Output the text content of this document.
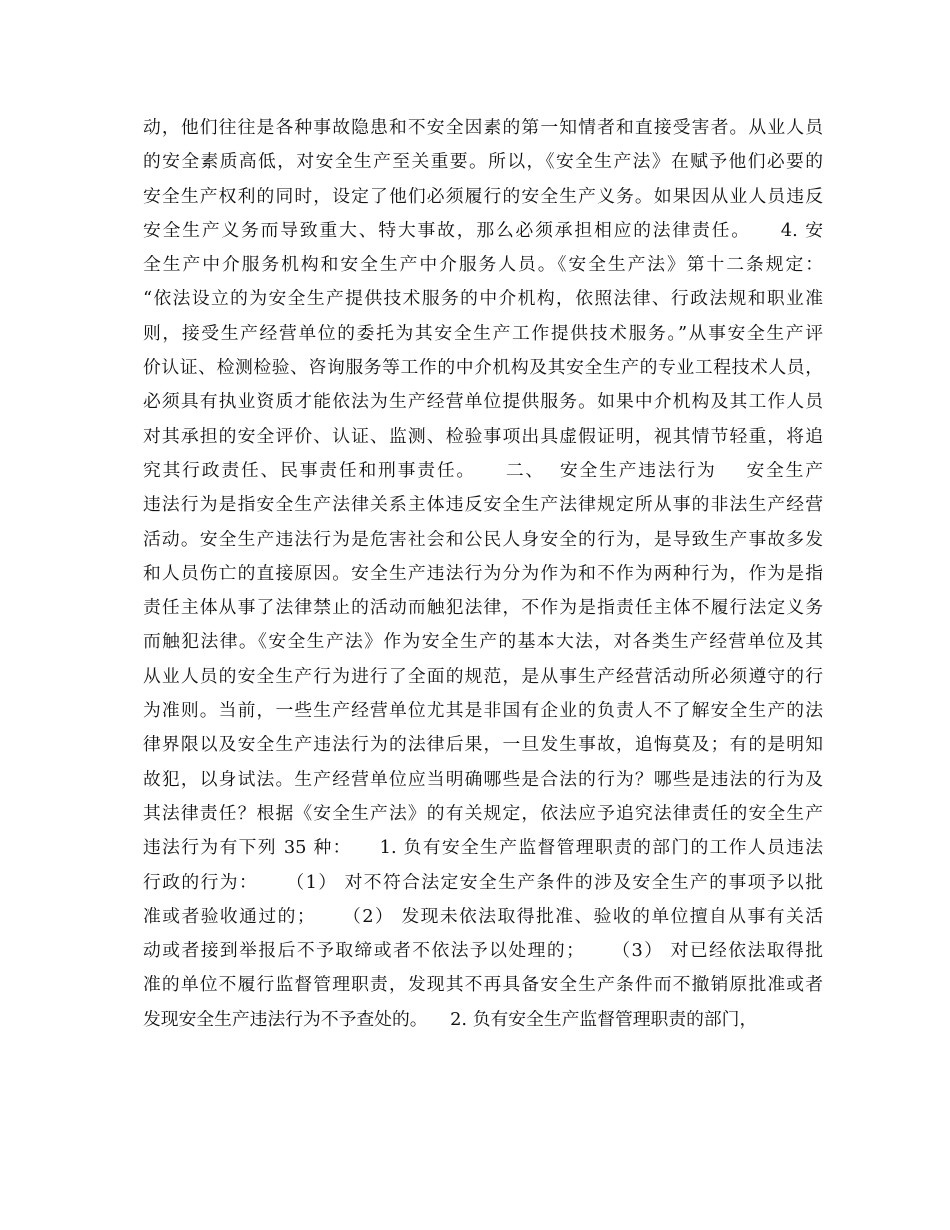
动，他们往往是各种事故隐患和不安全因素的第一知情者和直接受害者。从业人员
的安全素质高低，对安全生产至关重要。所以，《安全生产法》在赋予他们必要的
安全生产权利的同时，设定了他们必须履行的安全生产义务。如果因从业人员违反
安全生产义务而导致重大、特大事故，那么必须承担相应的法律责任。    4. 安
全生产中介服务机构和安全生产中介服务人员。《安全生产法》第十二条规定：
“依法设立的为安全生产提供技术服务的中介机构，依照法律、行政法规和职业准
则，接受生产经营单位的委托为其安全生产工作提供技术服务。”从事安全生产评
价认证、检测检验、咨询服务等工作的中介机构及其安全生产的专业工程技术人员，
必须具有执业资质才能依法为生产经营单位提供服务。如果中介机构及其工作人员
对其承担的安全评价、认证、监测、检验事项出具虚假证明，视其情节轻重，将追
究其行政责任、民事责任和刑事责任。    二、  安全生产违法行为    安全生产
违法行为是指安全生产法律关系主体违反安全生产法律规定所从事的非法生产经营
活动。安全生产违法行为是危害社会和公民人身安全的行为，是导致生产事故多发
和人员伤亡的直接原因。安全生产违法行为分为作为和不作为两种行为，作为是指
责任主体从事了法律禁止的活动而触犯法律，不作为是指责任主体不履行法定义务
而触犯法律。《安全生产法》作为安全生产的基本大法，对各类生产经营单位及其
从业人员的安全生产行为进行了全面的规范，是从事生产经营活动所必须遵守的行
为准则。当前，一些生产经营单位尤其是非国有企业的负责人不了解安全生产的法
律界限以及安全生产违法行为的法律后果，一旦发生事故，追悔莫及；有的是明知
故犯，以身试法。生产经营单位应当明确哪些是合法的行为？哪些是违法的行为及
其法律责任？根据《安全生产法》的有关规定，依法应予追究法律责任的安全生产
违法行为有下列 35 种：    1. 负有安全生产监督管理职责的部门的工作人员违法
行政的行为：    （1） 对不符合法定安全生产条件的涉及安全生产的事项予以批
准或者验收通过的；    （2） 发现未依法取得批准、验收的单位擅自从事有关活
动或者接到举报后不予取缔或者不依法予以处理的；    （3） 对已经依法取得批
准的单位不履行监督管理职责，发现其不再具备安全生产条件而不撤销原批准或者
发现安全生产违法行为不予查处的。    2. 负有安全生产监督管理职责的部门，
